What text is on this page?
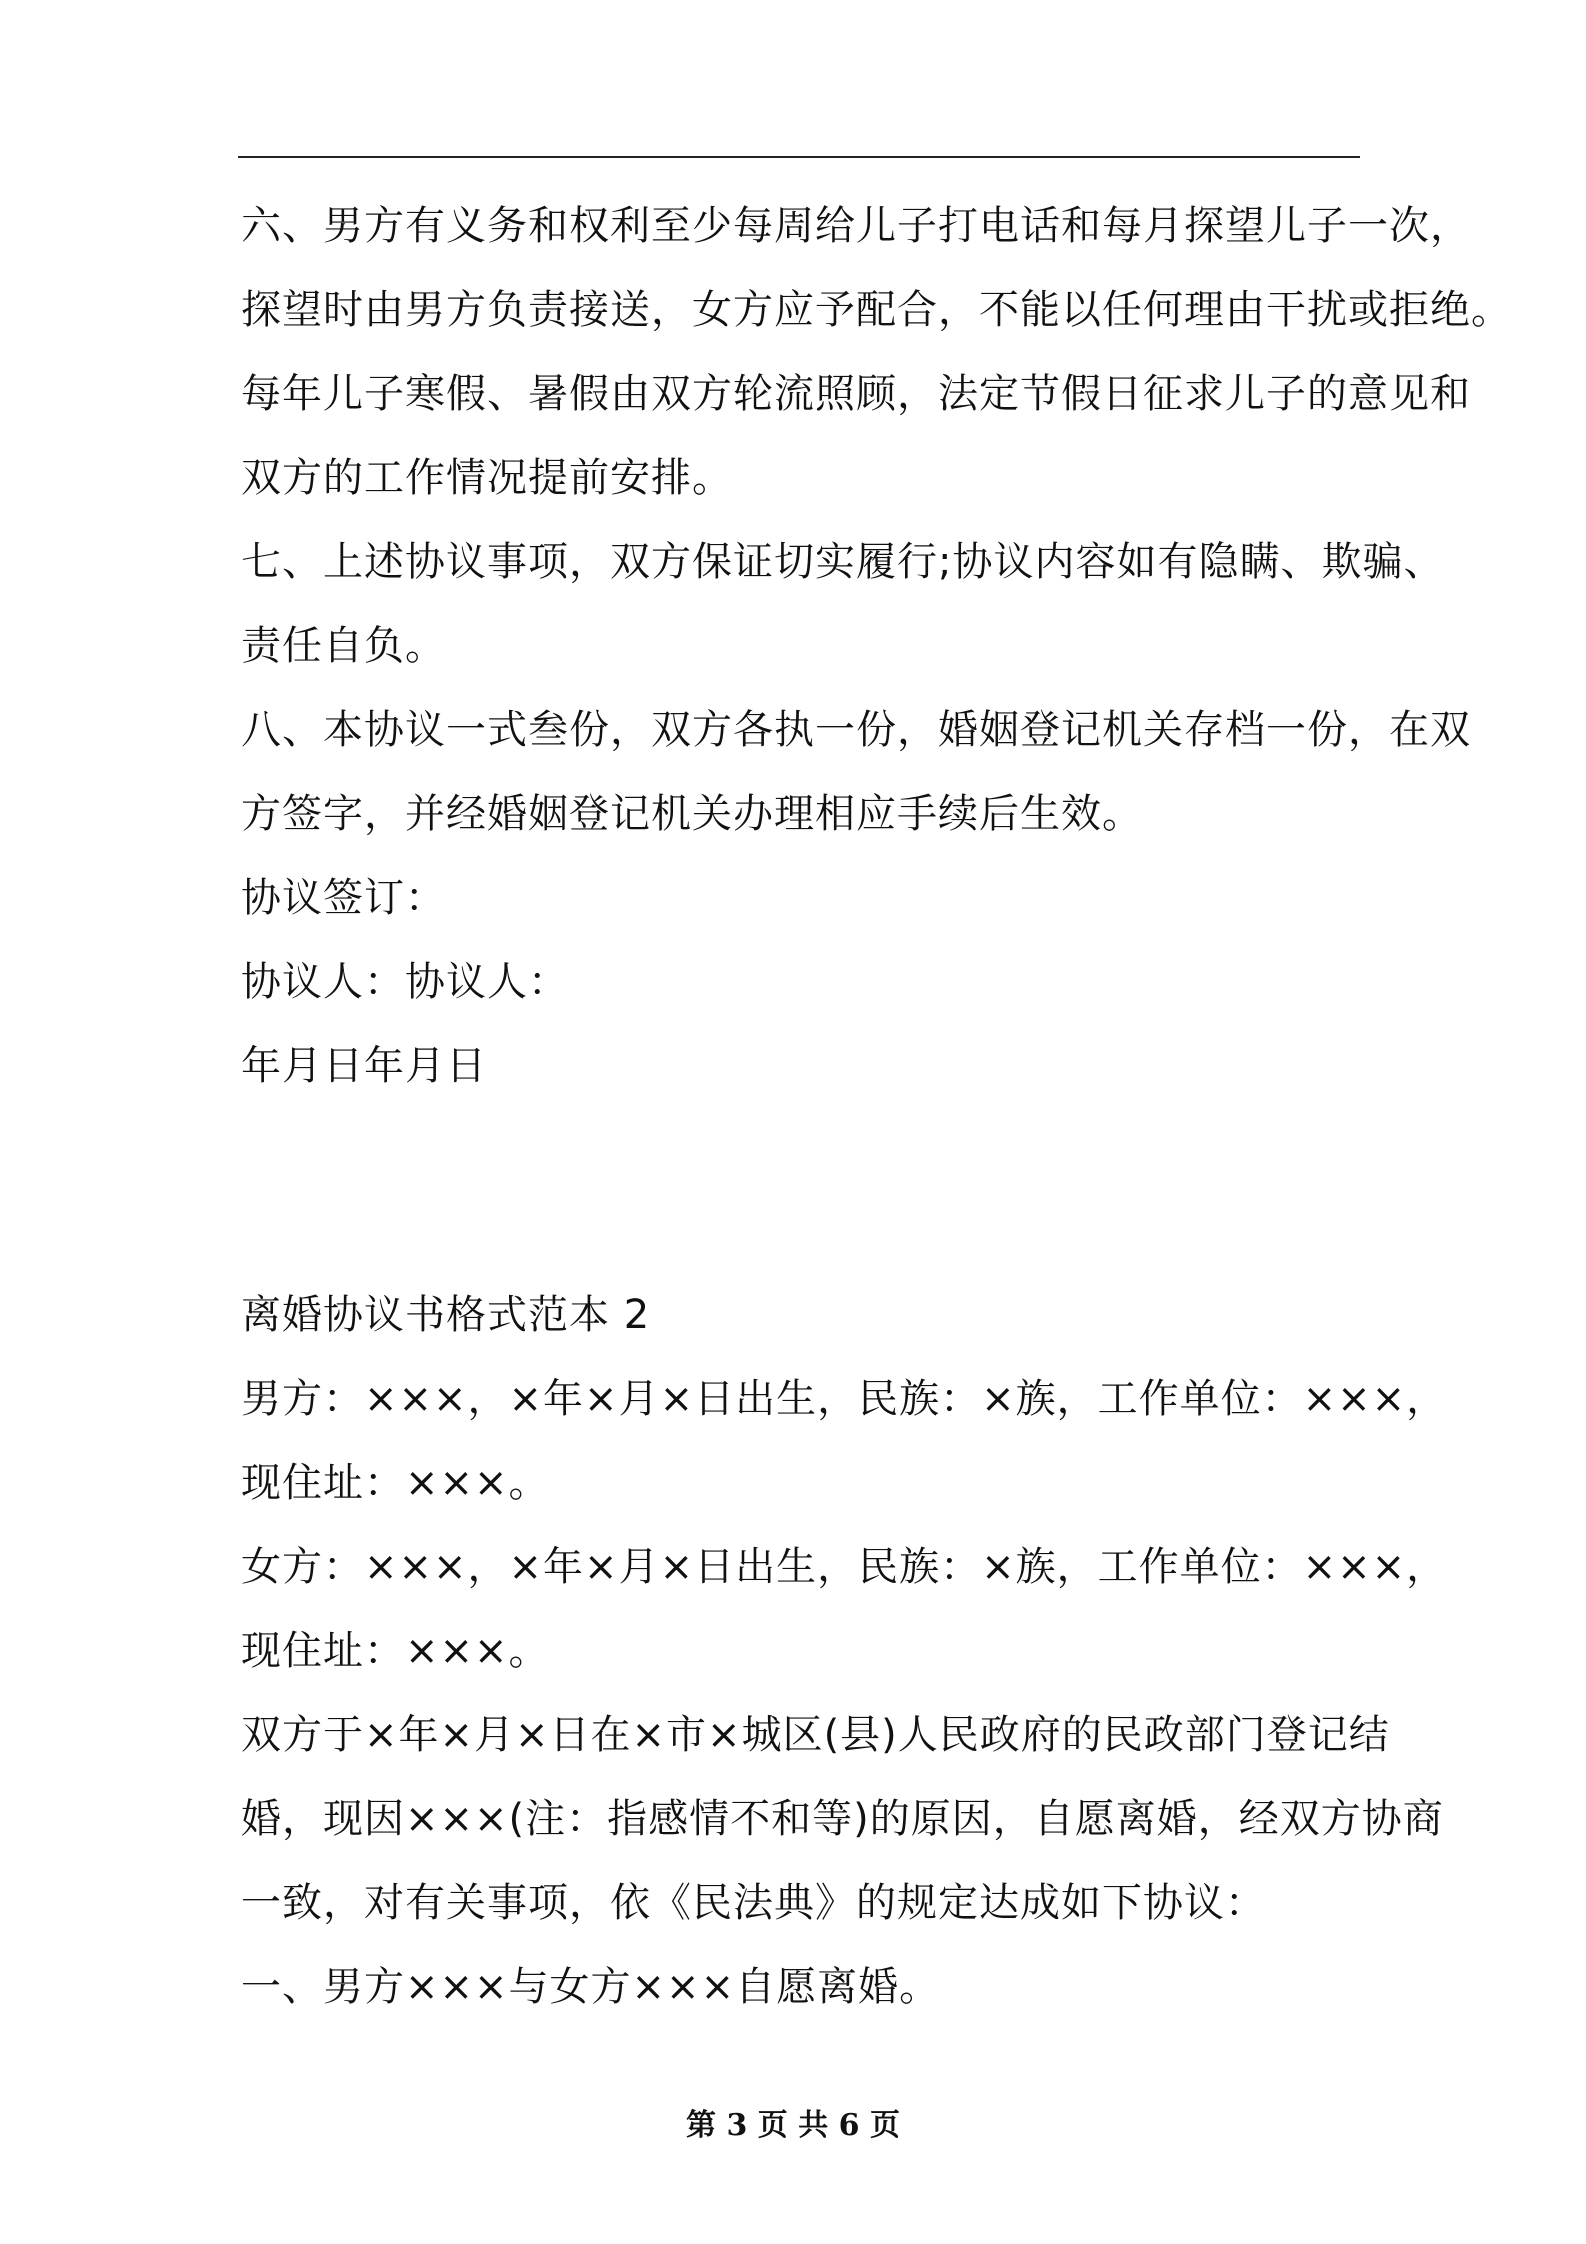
六、男方有义务和权利至少每周给儿子打电话和每月探望儿子一次，
探望时由男方负责接送，女方应予配合，不能以任何理由干扰或拒绝。
每年儿子寒假、暑假由双方轮流照顾，法定节假日征求儿子的意见和
双方的工作情况提前安排。
七、上述协议事项，双方保证切实履行;协议内容如有隐瞒、欺骗、
责任自负。
八、本协议一式叁份，双方各执一份，婚姻登记机关存档一份，在双
方签字，并经婚姻登记机关办理相应手续后生效。
协议签订：
协议人：协议人：
年月日年月日
离婚协议书格式范本 2
男方：×××，×年×月×日出生，民族：×族，工作单位：×××，
现住址：×××。
女方：×××，×年×月×日出生，民族：×族，工作单位：×××，
现住址：×××。
双方于×年×月×日在×市×城区(县)人民政府的民政部门登记结
婚，现因×××(注：指感情不和等)的原因，自愿离婚，经双方协商
一致，对有关事项，依《民法典》的规定达成如下协议：
一、男方×××与女方×××自愿离婚。
第 3 页 共 6 页
